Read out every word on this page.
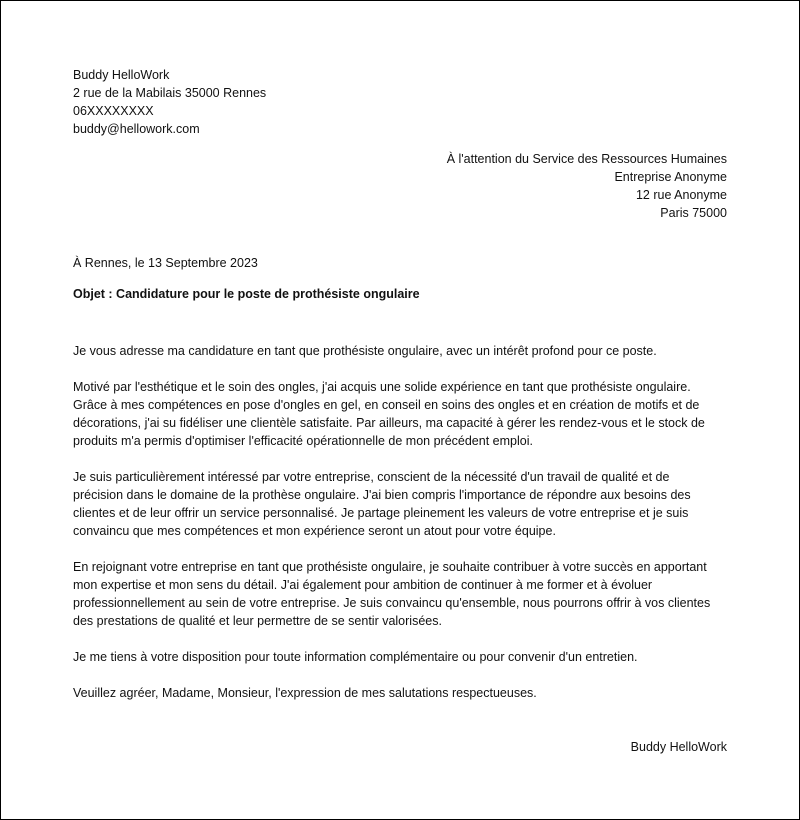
Buddy HelloWork
2 rue de la Mabilais 35000 Rennes
06XXXXXXXX
buddy@hellowork.com
À l'attention du Service des Ressources Humaines
Entreprise Anonyme
12 rue Anonyme
Paris 75000
À Rennes, le 13 Septembre 2023
Objet : Candidature pour le poste de prothésiste ongulaire

Je vous adresse ma candidature en tant que prothésiste ongulaire, avec un intérêt profond pour ce poste.

Motivé par l'esthétique et le soin des ongles, j'ai acquis une solide expérience en tant que prothésiste ongulaire.
Grâce à mes compétences en pose d'ongles en gel, en conseil en soins des ongles et en création de motifs et de
décorations, j'ai su fidéliser une clientèle satisfaite. Par ailleurs, ma capacité à gérer les rendez-vous et le stock de
produits m'a permis d'optimiser l'efficacité opérationnelle de mon précédent emploi.

Je suis particulièrement intéressé par votre entreprise, conscient de la nécessité d'un travail de qualité et de
précision dans le domaine de la prothèse ongulaire. J'ai bien compris l'importance de répondre aux besoins des
clientes et de leur offrir un service personnalisé. Je partage pleinement les valeurs de votre entreprise et je suis
convaincu que mes compétences et mon expérience seront un atout pour votre équipe.

En rejoignant votre entreprise en tant que prothésiste ongulaire, je souhaite contribuer à votre succès en apportant
mon expertise et mon sens du détail. J'ai également pour ambition de continuer à me former et à évoluer
professionnellement au sein de votre entreprise. Je suis convaincu qu'ensemble, nous pourrons offrir à vos clientes
des prestations de qualité et leur permettre de se sentir valorisées.

Je me tiens à votre disposition pour toute information complémentaire ou pour convenir d'un entretien.

Veuillez agréer, Madame, Monsieur, l'expression de mes salutations respectueuses.

Buddy HelloWork
